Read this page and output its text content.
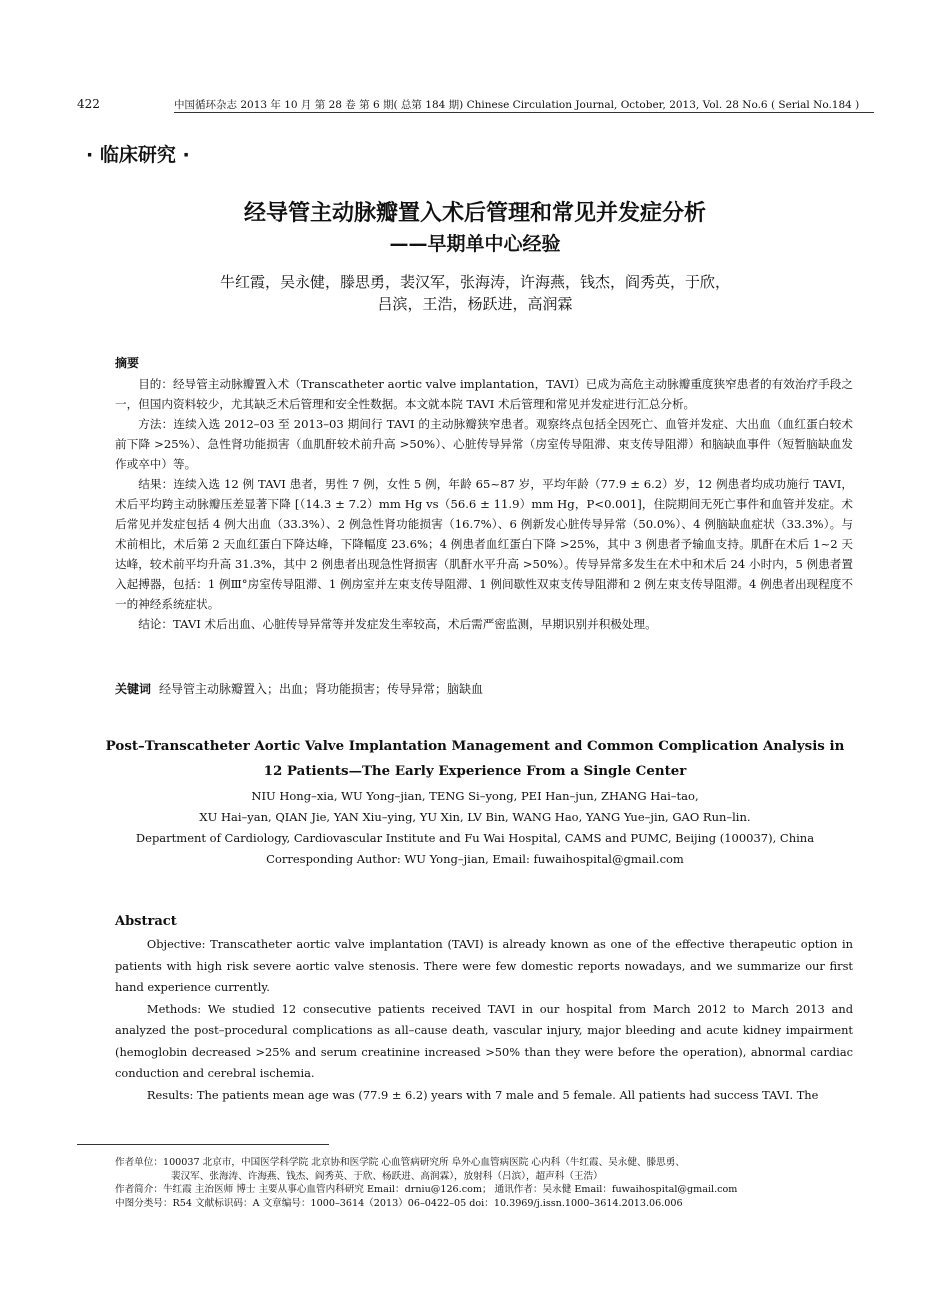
422	中国循环杂志 2013 年 10 月 第 28 卷 第 6 期( 总第 184 期) Chinese Circulation Journal, October, 2013, Vol. 28 No.6 ( Serial No.184 )
· 临床研究 ·
经导管主动脉瓣置入术后管理和常见并发症分析
——早期单中心经验
牛红霞，吴永健，滕思勇，裴汉军，张海涛，许海燕，钱杰，阎秀英，于欣，
吕滨，王浩，杨跃进，高润霖
摘要

目的：经导管主动脉瓣置入术（Transcatheter aortic valve implantation，TAVI）已成为高危主动脉瓣重度狭窄患者的有效治疗手段之一，但国内资料较少，尤其缺乏术后管理和安全性数据。本文就本院 TAVI 术后管理和常见并发症进行汇总分析。

方法：连续入选 2012–03 至 2013–03 期间行 TAVI 的主动脉瓣狭窄患者。观察终点包括全因死亡、血管并发症、大出血（血红蛋白较术前下降 >25%）、急性肾功能损害（血肌酐较术前升高 >50%）、心脏传导异常（房室传导阻滞、束支传导阻滞）和脑缺血事件（短暂脑缺血发作或卒中）等。

结果：连续入选 12 例 TAVI 患者，男性 7 例，女性 5 例，年龄 65~87 岁，平均年龄（77.9 ± 6.2）岁，12 例患者均成功施行 TAVI，术后平均跨主动脉瓣压差显著下降 [（14.3 ± 7.2）mm Hg vs（56.6 ± 11.9）mm Hg，P<0.001]，住院期间无死亡事件和血管并发症。术后常见并发症包括 4 例大出血（33.3%）、2 例急性肾功能损害（16.7%）、6 例新发心脏传导异常（50.0%）、4 例脑缺血症状（33.3%）。与术前相比，术后第 2 天血红蛋白下降达峰，下降幅度 23.6%；4 例患者血红蛋白下降 >25%，其中 3 例患者予输血支持。肌酐在术后 1~2 天达峰，较术前平均升高 31.3%，其中 2 例患者出现急性肾损害（肌酐水平升高 >50%）。传导异常多发生在术中和术后 24 小时内，5 例患者置入起搏器，包括：1 例Ⅲ°房室传导阻滞、1 例房室并左束支传导阻滞、1 例间歇性双束支传导阻滞和 2 例左束支传导阻滞。4 例患者出现程度不一的神经系统症状。

结论：TAVI 术后出血、心脏传导异常等并发症发生率较高，术后需严密监测，早期识别并积极处理。

关键词 经导管主动脉瓣置入；出血；肾功能损害；传导异常；脑缺血
Post–Transcatheter Aortic Valve Implantation Management and Common Complication Analysis in
12 Patients—The Early Experience From a Single Center
NIU Hong–xia, WU Yong–jian, TENG Si–yong, PEI Han–jun, ZHANG Hai–tao,
XU Hai–yan, QIAN Jie, YAN Xiu–ying, YU Xin, LV Bin, WANG Hao, YANG Yue–jin, GAO Run–lin.
Department of Cardiology, Cardiovascular Institute and Fu Wai Hospital, CAMS and PUMC, Beijing (100037), China
Corresponding Author: WU Yong–jian, Email: fuwaihospital@gmail.com
Abstract

Objective: Transcatheter aortic valve implantation (TAVI) is already known as one of the effective therapeutic option in patients with high risk severe aortic valve stenosis. There were few domestic reports nowadays, and we summarize our first hand experience currently.

Methods: We studied 12 consecutive patients received TAVI in our hospital from March 2012 to March 2013 and analyzed the post–procedural complications as all–cause death, vascular injury, major bleeding and acute kidney impairment (hemoglobin decreased >25% and serum creatinine increased >50% than they were before the operation), abnormal cardiac conduction and cerebral ischemia.

Results: The patients mean age was (77.9 ± 6.2) years with 7 male and 5 female. All patients had success TAVI. The

作者单位：100037 北京市，中国医学科学院 北京协和医学院 心血管病研究所 阜外心血管病医院 心内科（牛红霞、吴永健、滕思勇、
裴汉军、张海涛、许海燕、钱杰、阎秀英、于欣、杨跃进、高润霖），放射科（吕滨），超声科（王浩）
作者简介：牛红霞 主治医师 博士 主要从事心血管内科研究 Email：drniu@126.com； 通讯作者：吴永健 Email：fuwaihospital@gmail.com
中图分类号：R54 文献标识码：A 文章编号：1000–3614（2013）06–0422–05 doi：10.3969/j.issn.1000–3614.2013.06.006
